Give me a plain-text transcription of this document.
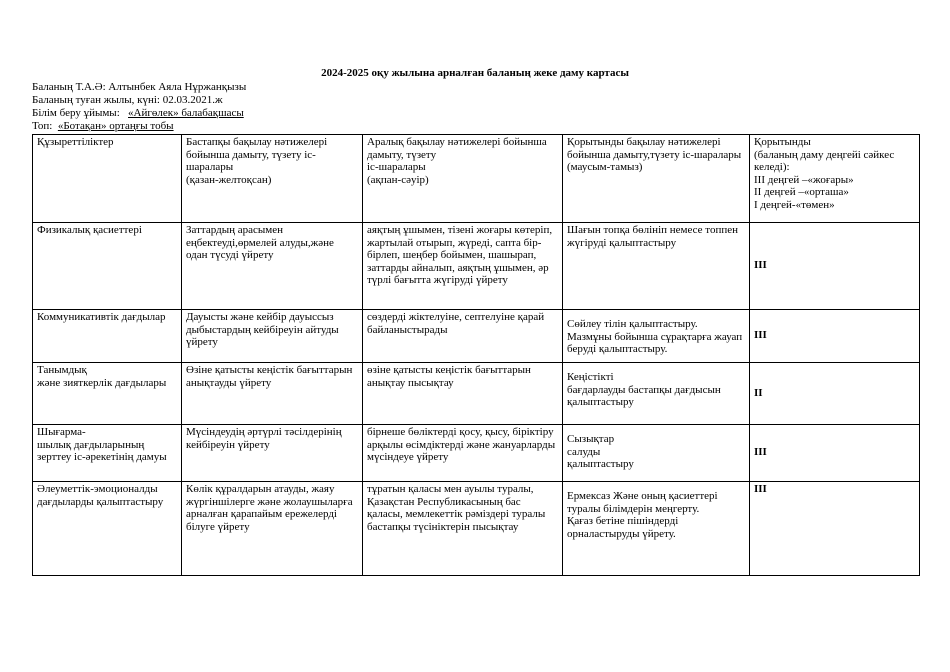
2024-2025 оқу жылына арналған баланың жеке даму картасы
Баланың Т.А.Ә: Алтынбек Аяла Нұржанқызы
Баланың туған жылы, күні: 02.03.2021.ж
Білім беру ұйымы: «Айгөлек» балабақшасы
Топ: «Ботақан» ортаңғы тобы
Құзыреттіліктер	Бастапқы бақылау нәтижелері бойынша дамыту, түзету іс-шаралары
(қазан-желтоқсан)	Аралық бақылау нәтижелері бойынша дамыту, түзету
іс-шаралары
(ақпан-сәуір)	Қорытынды бақылау нәтижелері бойынша дамыту,түзету іс-шаралары (маусым-тамыз)	Қорытынды
(баланың даму деңгейі сәйкес келеді):
III деңгей –«жоғары»
II деңгей –«орташа»
I деңгей-«төмен»
Физикалық қасиеттері	Заттардың арасымен еңбектеуді,өрмелей алуды,және одан түсуді үйрету	аяқтың ұшымен, тізені жоғары көтеріп, жартылай отырып, жүреді, сапта бір-бірлеп, шеңбер бойымен, шашырап, заттарды айналып, аяқтың ұшымен, әр түрлі бағытта жүгіруді үйрету	Шағын топқа бөлініп немесе топпен жүгіруді қалыптастыру	III
Коммуникативтік дағдылар	Дауысты және кейбір дауыссыз дыбыстардың кейбіреуін айтуды үйрету	сөздерді жіктелуіне, септелуіне қарай байланыстырады	Сөйлеу тілін қалыптастыру.
Мазмұны бойынша сұрақтарға жауап беруді қалыптастыру.	III
Танымдық
және зияткерлік дағдылары	Өзіне қатысты кеңістік бағыттарын анықтауды үйрету	өзіне қатысты кеңістік бағыттарын анықтау пысықтау	Кеңістікті
бағдарлауды бастапқы дағдысын
қалыптастыру	II
Шығарма-
шылық дағдыларының зерттеу іс-әрекетінің дамуы	Мүсіндеудің әртүрлі тәсілдерінің кейбіреуін үйрету	бірнеше бөліктерді қосу, қысу, біріктіру арқылы өсімдіктерді және жануарларды мүсіндеуе үйрету	Сызықтар
салуды
қалыптастыру	III
Әлеуметтік-эмоционалды дағдыларды қалыптастыру	Көлік құралдарын атауды, жаяу жүргіншілерге және жолаушыларға арналған қарапайым ережелерді білуге үйрету	тұратын қаласы мен ауылы туралы, Қазақстан Республикасының бас қаласы, мемлекеттік рәміздері туралы бастапқы түсініктерін пысықтау	Ермексаз Және оның қасиеттері туралы білімдерін меңгерту.
Қағаз бетіне пішіндерді орналастыруды үйрету.	III
